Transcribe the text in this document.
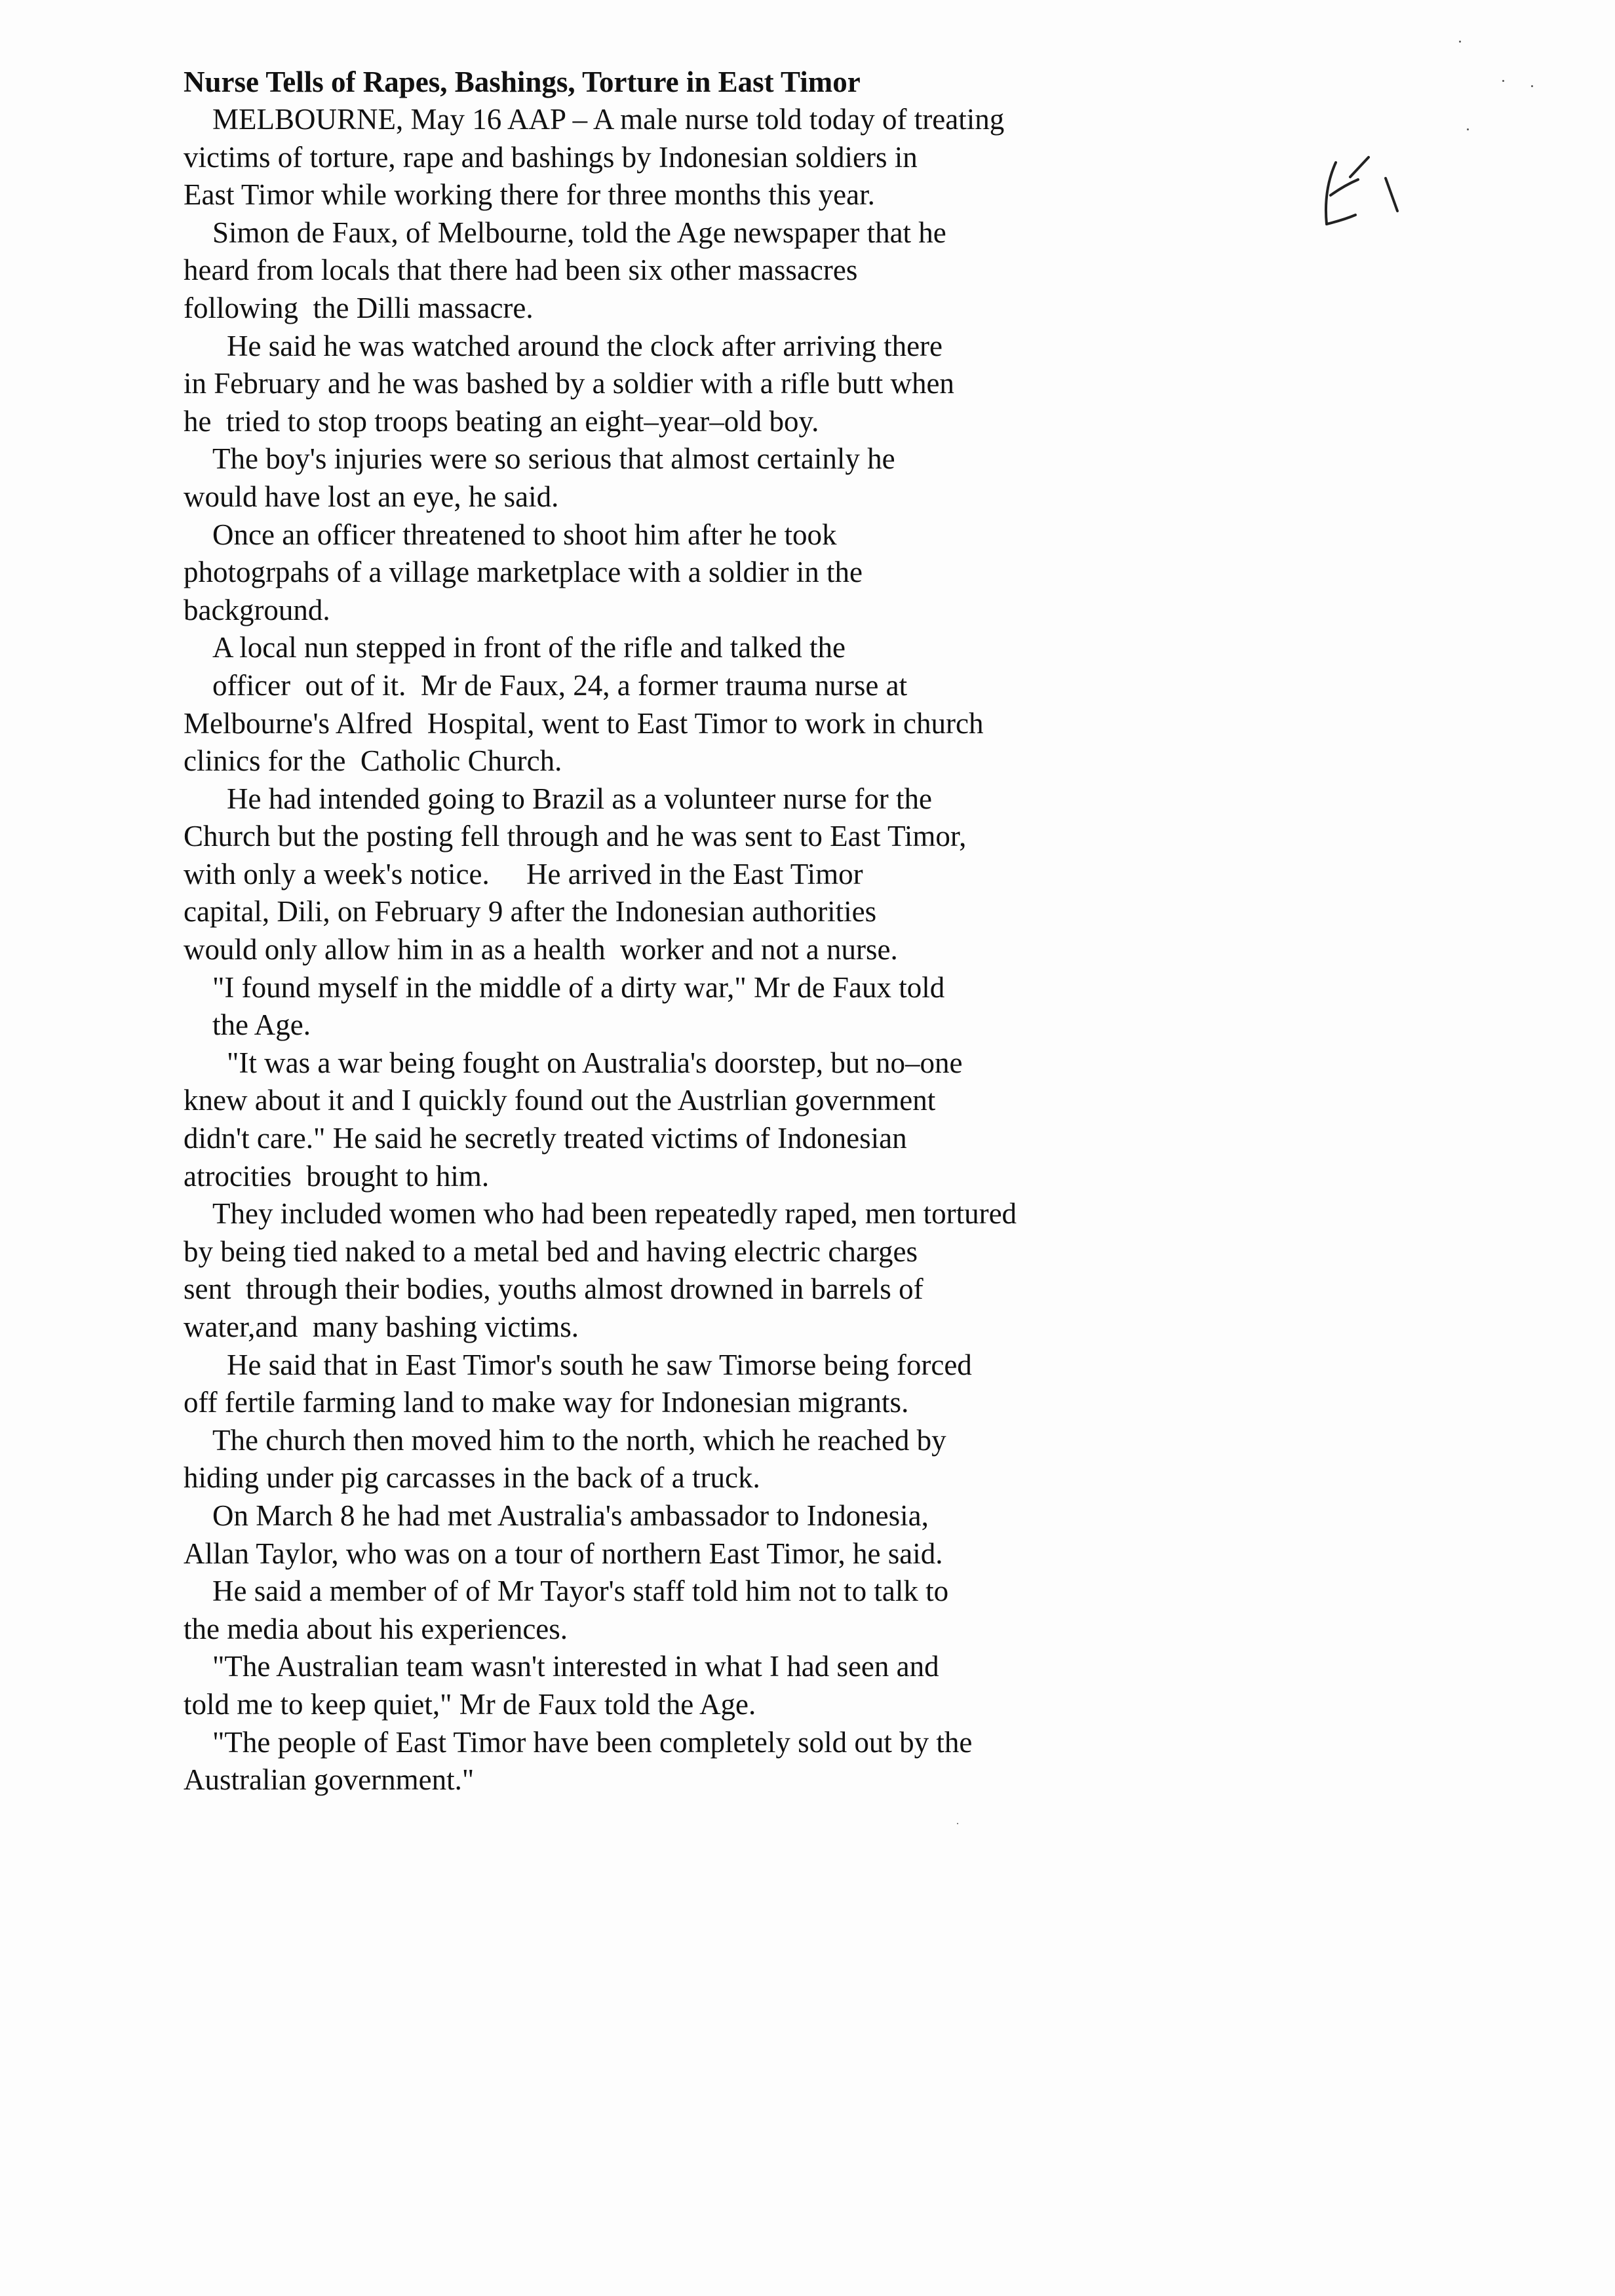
Nurse Tells of Rapes, Bashings, Torture in East Timor
MELBOURNE, May 16 AAP – A male nurse told today of treating
victims of torture, rape and bashings by Indonesian soldiers in
East Timor while working there for three months this year.
Simon de Faux, of Melbourne, told the Age newspaper that he
heard from locals that there had been six other massacres
following  the Dilli massacre.
He said he was watched around the clock after arriving there
in February and he was bashed by a soldier with a rifle butt when
he  tried to stop troops beating an eight–year–old boy.
The boy's injuries were so serious that almost certainly he
would have lost an eye, he said.
Once an officer threatened to shoot him after he took
photogrpahs of a village marketplace with a soldier in the
background.
A local nun stepped in front of the rifle and talked the
officer  out of it.  Mr de Faux, 24, a former trauma nurse at
Melbourne's Alfred  Hospital, went to East Timor to work in church
clinics for the  Catholic Church.
He had intended going to Brazil as a volunteer nurse for the
Church but the posting fell through and he was sent to East Timor,
with only a week's notice.     He arrived in the East Timor
capital, Dili, on February 9 after the Indonesian authorities
would only allow him in as a health  worker and not a nurse.
"I found myself in the middle of a dirty war," Mr de Faux told
the Age.
"It was a war being fought on Australia's doorstep, but no–one
knew about it and I quickly found out the Austrlian government
didn't care." He said he secretly treated victims of Indonesian
atrocities  brought to him.
They included women who had been repeatedly raped, men tortured
by being tied naked to a metal bed and having electric charges
sent  through their bodies, youths almost drowned in barrels of
water,and  many bashing victims.
He said that in East Timor's south he saw Timorse being forced
off fertile farming land to make way for Indonesian migrants.
The church then moved him to the north, which he reached by
hiding under pig carcasses in the back of a truck.
On March 8 he had met Australia's ambassador to Indonesia,
Allan Taylor, who was on a tour of northern East Timor, he said.
He said a member of of Mr Tayor's staff told him not to talk to
the media about his experiences.
"The Australian team wasn't interested in what I had seen and
told me to keep quiet," Mr de Faux told the Age.
"The people of East Timor have been completely sold out by the
Australian government."
